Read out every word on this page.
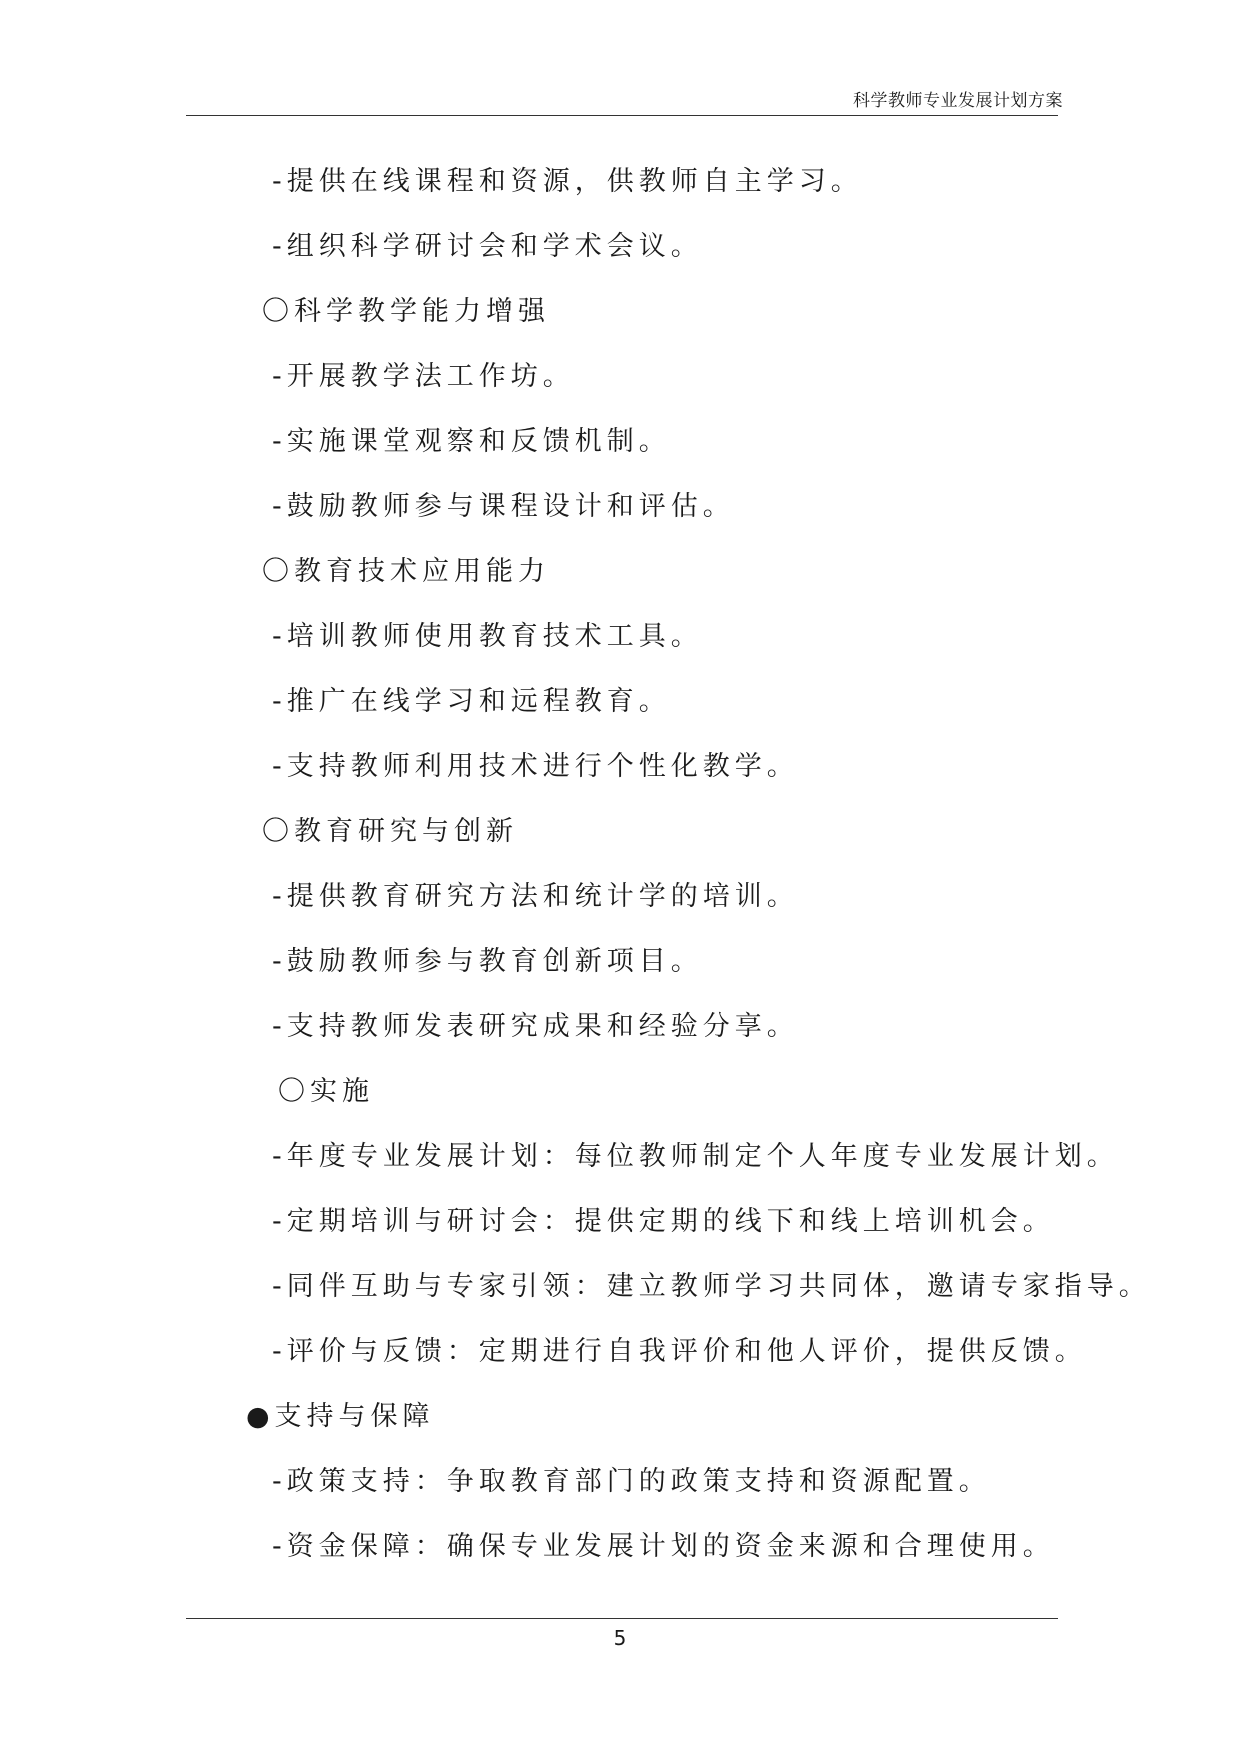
科学教师专业发展计划方案
-提供在线课程和资源，供教师自主学习。
-组织科学研讨会和学术会议。
〇科学教学能力增强
-开展教学法工作坊。
-实施课堂观察和反馈机制。
-鼓励教师参与课程设计和评估。
〇教育技术应用能力
-培训教师使用教育技术工具。
-推广在线学习和远程教育。
-支持教师利用技术进行个性化教学。
〇教育研究与创新
-提供教育研究方法和统计学的培训。
-鼓励教师参与教育创新项目。
-支持教师发表研究成果和经验分享。
〇实施
-年度专业发展计划：每位教师制定个人年度专业发展计划。
-定期培训与研讨会：提供定期的线下和线上培训机会。
-同伴互助与专家引领：建立教师学习共同体，邀请专家指导。
-评价与反馈：定期进行自我评价和他人评价，提供反馈。
●支持与保障
-政策支持：争取教育部门的政策支持和资源配置。
-资金保障：确保专业发展计划的资金来源和合理使用。
5
